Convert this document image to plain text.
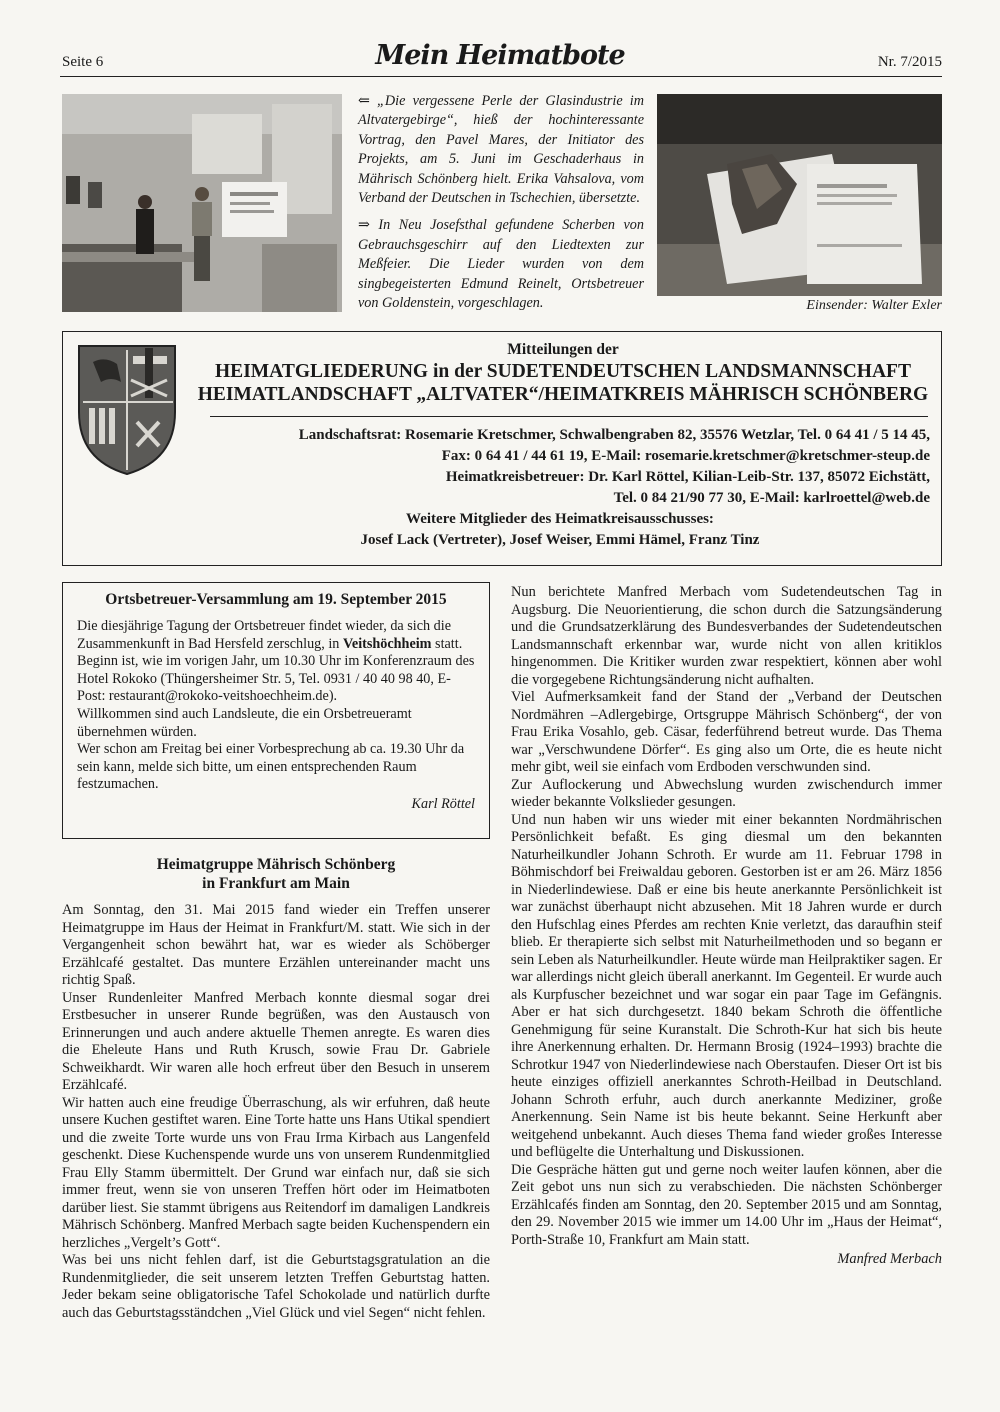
Seite 6	Mein Heimatbote	Nr. 7/2015

⇐ „Die vergessene Perle der Glasindustrie im Altvatergebirge“, hieß der hochinteressante Vortrag, den Pavel Mares, der Initiator des Projekts, am 5. Juni im Geschaderhaus in Mährisch Schönberg hielt. Erika Vahsalova, vom Verband der Deutschen in Tschechien, übersetzte.

⇒ In Neu Josefsthal gefundene Scherben von Gebrauchsgeschirr auf den Liedtexten zur Meßfeier. Die Lieder wurden von dem singbegeisterten Edmund Reinelt, Ortsbetreuer von Goldenstein, vorgeschlagen.	Einsender: Walter Exler
Mitteilungen der
HEIMATGLIEDERUNG in der SUDETENDEUTSCHEN LANDSMANNSCHAFT
HEIMATLANDSCHAFT „ALTVATER“/HEIMATKREIS MÄHRISCH SCHÖNBERG
Landschaftsrat: Rosemarie Kretschmer, Schwalbengraben 82, 35576 Wetzlar, Tel. 0 64 41 / 5 14 45,
Fax: 0 64 41 / 44 61 19, E-Mail: rosemarie.kretschmer@kretschmer-steup.de
Heimatkreisbetreuer: Dr. Karl Röttel, Kilian-Leib-Str. 137, 85072 Eichstätt,
Tel. 0 84 21/90 77 30, E-Mail: karlroettel@web.de
Weitere Mitglieder des Heimatkreisausschusses:
Josef Lack (Vertreter), Josef Weiser, Emmi Hämel, Franz Tinz
Ortsbetreuer-Versammlung am 19. September 2015

Die diesjährige Tagung der Ortsbetreuer findet wieder, da sich die Zusammenkunft in Bad Hersfeld zerschlug, in Veitshöchheim statt.

Beginn ist, wie im vorigen Jahr, um 10.30 Uhr im Konferenzraum des Hotel Rokoko (Thüngersheimer Str. 5, Tel. 0931 / 40 40 98 40, E-Post: restaurant@rokoko-veitshoechheim.de).

Willkommen sind auch Landsleute, die ein Orsbetreueramt übernehmen würden.

Wer schon am Freitag bei einer Vorbesprechung ab ca. 19.30 Uhr da sein kann, melde sich bitte, um einen entsprechenden Raum festzumachen.

Karl Röttel

Heimatgruppe Mährisch Schönberg
in Frankfurt am Main

Am Sonntag, den 31. Mai 2015 fand wieder ein Treffen unserer Heimatgruppe im Haus der Heimat in Frankfurt/M. statt. Wie sich in der Vergangenheit schon bewährt hat, war es wieder als Schöberger Erzählcafé gestaltet. Das muntere Erzählen untereinander macht uns richtig Spaß.

Unser Rundenleiter Manfred Merbach konnte diesmal sogar drei Erstbesucher in unserer Runde begrüßen, was den Austausch von Erinnerungen und auch andere aktuelle Themen anregte. Es waren dies die Eheleute Hans und Ruth Krusch, sowie Frau Dr. Gabriele Schweikhardt. Wir waren alle hoch erfreut über den Besuch in unserem Erzählcafé.

Wir hatten auch eine freudige Überraschung, als wir erfuhren, daß heute unsere Kuchen gestiftet waren. Eine Torte hatte uns Hans Utikal spendiert und die zweite Torte wurde uns von Frau Irma Kirbach aus Langenfeld geschenkt. Diese Kuchenspende wurde uns von unserem Rundenmitglied Frau Elly Stamm übermittelt. Der Grund war einfach nur, daß sie sich immer freut, wenn sie von unseren Treffen hört oder im Heimatboten darüber liest. Sie stammt übrigens aus Reitendorf im damaligen Landkreis Mährisch Schönberg. Manfred Merbach sagte beiden Kuchenspendern ein herzliches „Vergelt’s Gott“.

Was bei uns nicht fehlen darf, ist die Geburtstagsgratulation an die Rundenmitglieder, die seit unserem letzten Treffen Geburtstag hatten. Jeder bekam seine obligatorische Tafel Schokolade und natürlich durfte auch das Geburtstagsständchen „Viel Glück und viel Segen“ nicht fehlen.

Nun berichtete Manfred Merbach vom Sudetendeutschen Tag in Augsburg. Die Neuorientierung, die schon durch die Satzungsänderung und die Grundsatzerklärung des Bundesverbandes der Sudetendeutschen Landsmannschaft erkennbar war, wurde nicht von allen kritiklos hingenommen. Die Kritiker wurden zwar respektiert, können aber wohl die vorgegebene Richtungsänderung nicht aufhalten.

Viel Aufmerksamkeit fand der Stand der „Verband der Deutschen Nordmähren –Adlergebirge, Ortsgruppe Mährisch Schönberg“, der von Frau Erika Vosahlo, geb. Cäsar, federführend betreut wurde. Das Thema war „Verschwundene Dörfer“. Es ging also um Orte, die es heute nicht mehr gibt, weil sie einfach vom Erdboden verschwunden sind.

Zur Auflockerung und Abwechslung wurden zwischendurch immer wieder bekannte Volkslieder gesungen.

Und nun haben wir uns wieder mit einer bekannten Nordmährischen Persönlichkeit befaßt. Es ging diesmal um den bekannten Naturheilkundler Johann Schroth. Er wurde am 11. Februar 1798 in Böhmischdorf bei Freiwaldau geboren. Gestorben ist er am 26. März 1856 in Niederlindewiese. Daß er eine bis heute anerkannte Persönlichkeit ist war zunächst überhaupt nicht abzusehen. Mit 18 Jahren wurde er durch den Hufschlag eines Pferdes am rechten Knie verletzt, das daraufhin steif blieb. Er therapierte sich selbst mit Naturheilmethoden und so begann er sein Leben als Naturheilkundler. Heute würde man Heilpraktiker sagen. Er war allerdings nicht gleich überall anerkannt. Im Gegenteil. Er wurde auch als Kurpfuscher bezeichnet und war sogar ein paar Tage im Gefängnis. Aber er hat sich durchgesetzt. 1840 bekam Schroth die öffentliche Genehmigung für seine Kuranstalt. Die Schroth-Kur hat sich bis heute ihre Anerkennung erhalten. Dr. Hermann Brosig (1924–1993) brachte die Schrotkur 1947 von Niederlindewiese nach Oberstaufen. Dieser Ort ist bis heute einziges offiziell anerkanntes Schroth-Heilbad in Deutschland. Johann Schroth erfuhr, auch durch anerkannte Mediziner, große Anerkennung. Sein Name ist bis heute bekannt. Seine Herkunft aber weitgehend unbekannt. Auch dieses Thema fand wieder großes Interesse und beflügelte die Unterhaltung und Diskussionen.

Die Gespräche hätten gut und gerne noch weiter laufen können, aber die Zeit gebot uns nun sich zu verabschieden. Die nächsten Schönberger Erzählcafés finden am Sonntag, den 20. September 2015 und am Sonntag, den 29. November 2015 wie immer um 14.00 Uhr im „Haus der Heimat“, Porth-Straße 10, Frankfurt am Main statt.

Manfred Merbach
